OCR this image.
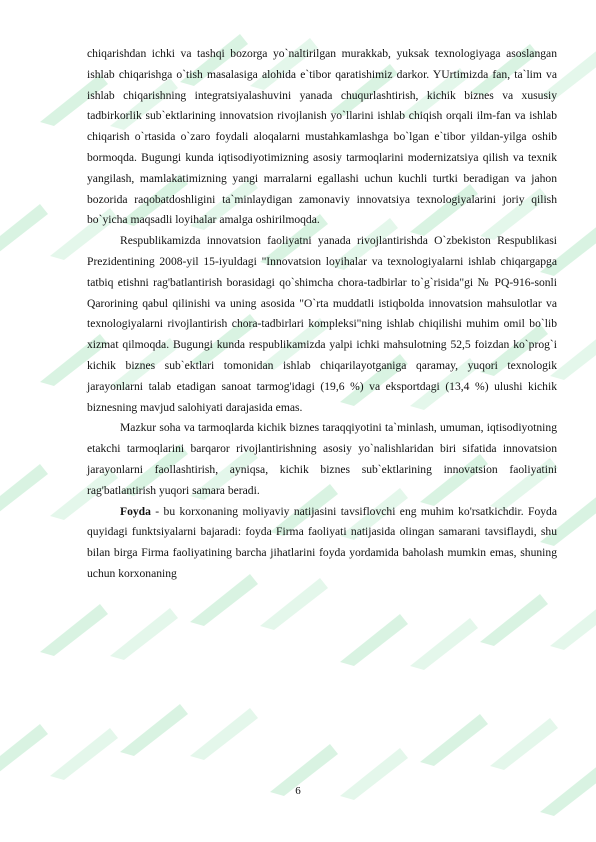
chiqarishdan ichki va tashqi bozorga yo`naltirilgan murakkab, yuksak texnologiyaga asoslangan ishlab chiqarishga o`tish masalasiga alohida e`tibor qaratishimiz darkor. YUrtimizda fan, ta`lim va ishlab chiqarishning integratsiyalashuvini yanada chuqurlashtirish, kichik biznes va xususiy tadbirkorlik sub`ektlarining innovatsion rivojlanish yo`llarini ishlab chiqish orqali ilm-fan va ishlab chiqarish o`rtasida o`zaro foydali aloqalarni mustahkamlashga bo`lgan e`tibor yildan-yilga oshib bormoqda. Bugungi kunda iqtisodiyotimizning asosiy tarmoqlarini modernizatsiya qilish va texnik yangilash, mamlakatimizning yangi marralarni egallashi uchun kuchli turtki beradigan va jahon bozorida raqobatdoshligini ta`minlaydigan zamonaviy innovatsiya texnologiyalarini joriy qilish bo`yicha maqsadli loyihalar amalga oshirilmoqda.

Respublikamizda innovatsion faoliyatni yanada rivojlantirishda O`zbekiston Respublikasi Prezidentining 2008-yil 15-iyuldagi "Innovatsion loyihalar va texnologiyalarni ishlab chiqargapga tatbiq etishni rag'batlantirish borasidagi qo`shimcha chora-tadbirlar to`g`risida"gi № PQ-916-sonli Qarorining qabul qilinishi va uning asosida "O`rta muddatli istiqbolda innovatsion mahsulotlar va texnologiyalarni rivojlantirish chora-tadbirlari kompleksi"ning ishlab chiqilishi muhim omil bo`lib xizmat qilmoqda. Bugungi kunda respublikamizda yalpi ichki mahsulotning 52,5 foizdan ko`prog`i kichik biznes sub`ektlari tomonidan ishlab chiqarilayotganiga qaramay, yuqori texnologik jarayonlarni talab etadigan sanoat tarmog'idagi (19,6 %) va eksportdagi (13,4 %) ulushi kichik biznesning mavjud salohiyati darajasida emas.

Mazkur soha va tarmoqlarda kichik biznes taraqqiyotini ta`minlash, umuman, iqtisodiyotning etakchi tarmoqlarini barqaror rivojlantirishning asosiy yo`nalishlaridan biri sifatida innovatsion jarayonlarni faollashtirish, ayniqsa, kichik biznes sub`ektlarining innovatsion faoliyatini rag'batlantirish yuqori samara beradi.

Foyda - bu korxonaning moliyaviy natijasini tavsiflovchi eng muhim ko'rsatkichdir. Foyda quyidagi funktsiyalarni bajaradi: foyda Firma faoliyati natijasida olingan samarani tavsiflaydi, shu bilan birga Firma faoliyatining barcha jihatlarini foyda yordamida baholash mumkin emas, shuning uchun korxonaning

6
